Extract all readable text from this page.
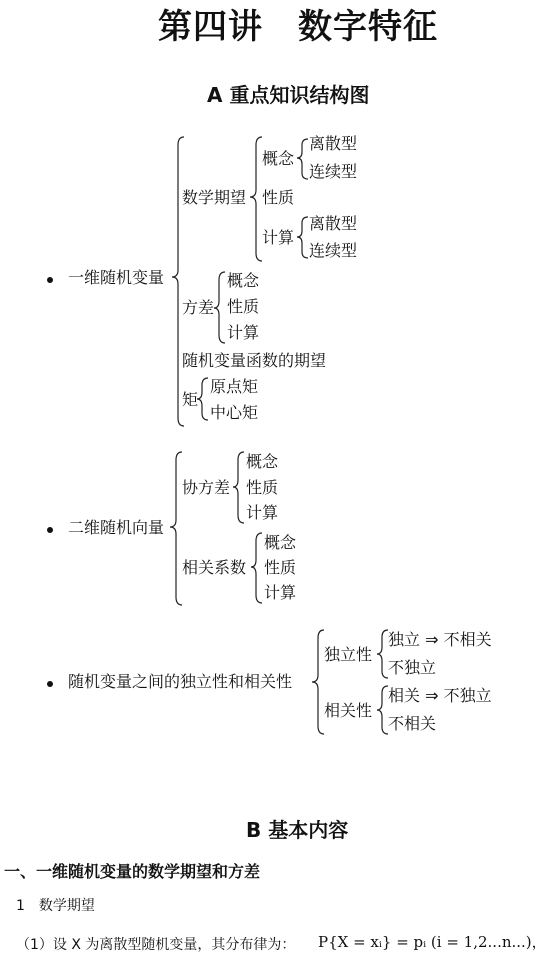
第四讲　数字特征
A 重点知识结构图
一维随机变量
数学期望
概念
离散型
连续型
性质
计算
离散型
连续型
方差
概念
性质
计算
随机变量函数的期望
矩
原点矩
中心矩
二维随机向量
协方差
概念
性质
计算
相关系数
概念
性质
计算
随机变量之间的独立性和相关性
独立性
独立 ⇒ 不相关
不独立
相关性
相关 ⇒ 不独立
不相关
B 基本内容
一、一维随机变量的数学期望和方差
1　数学期望
（1）设 X 为离散型随机变量，其分布律为： P{X = xᵢ} = pᵢ (i = 1,2...n...)，
